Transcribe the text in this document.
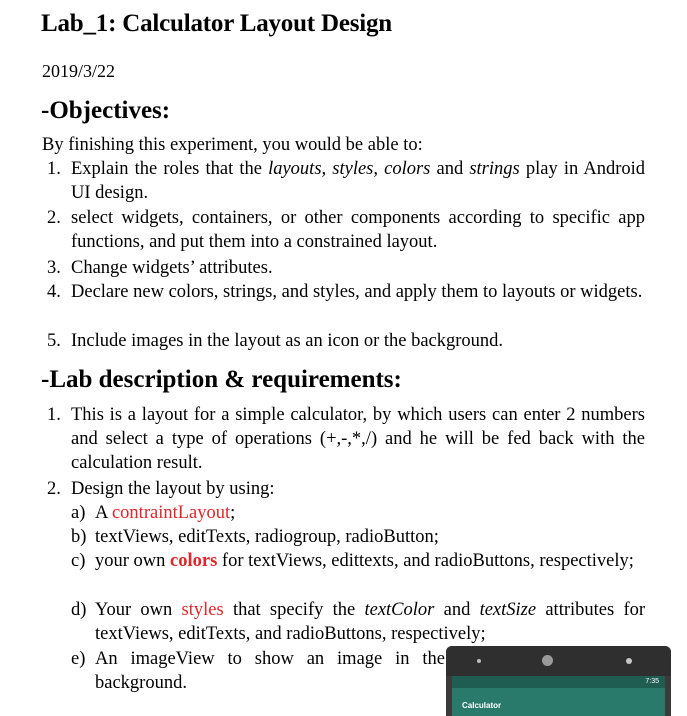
Lab_1: Calculator Layout Design
2019/3/22
-Objectives:
By finishing this experiment, you would be able to:
1. Explain the roles that the layouts, styles, colors and strings play in Android UI design.
2. select widgets, containers, or other components according to specific app functions, and put them into a constrained layout.
3. Change widgets’ attributes.
4. Declare new colors, strings, and styles, and apply them to layouts or widgets.
5. Include images in the layout as an icon or the background.
-Lab description & requirements:
1. This is a layout for a simple calculator, by which users can enter 2 numbers and select a type of operations (+,-,*,/) and he will be fed back with the calculation result.
2. Design the layout by using:
a) A contraintLayout;
b) textViews, editTexts, radiogroup, radioButton;
c) your own colors for textViews, edittexts, and radioButtons, respectively;
d) Your own styles that specify the textColor and textSize attributes for textViews, editTexts, and radioButtons, respectively;
e) An imageView to show an image in the background.	7:35
Calculator
